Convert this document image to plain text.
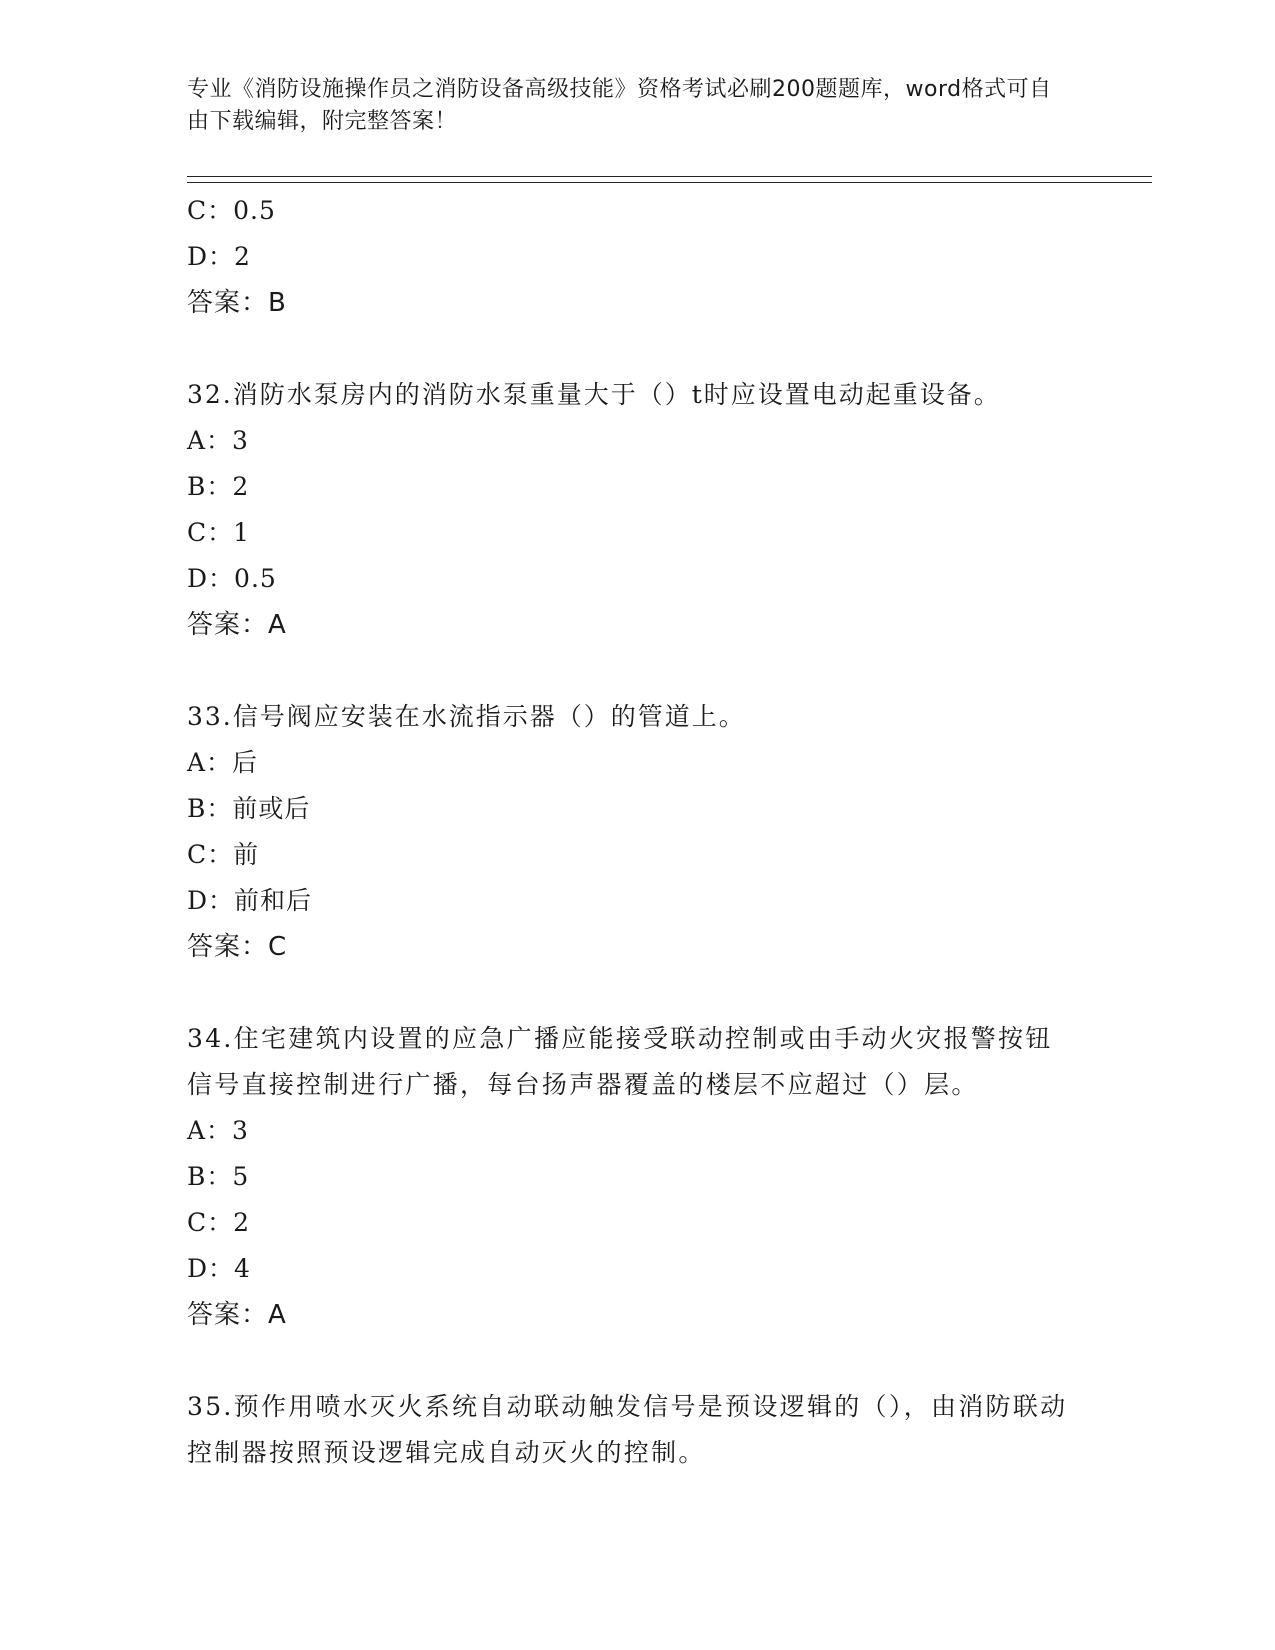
专业《消防设施操作员之消防设备高级技能》资格考试必刷200题题库，word格式可自由下载编辑，附完整答案！
C：0.5
D：2
答案：B
32.消防水泵房内的消防水泵重量大于（）t时应设置电动起重设备。
A：3
B：2
C：1
D：0.5
答案：A
33.信号阀应安装在水流指示器（）的管道上。
A：后
B：前或后
C：前
D：前和后
答案：C
34.住宅建筑内设置的应急广播应能接受联动控制或由手动火灾报警按钮信号直接控制进行广播，每台扬声器覆盖的楼层不应超过（）层。
A：3
B：5
C：2
D：4
答案：A
35.预作用喷水灭火系统自动联动触发信号是预设逻辑的（），由消防联动控制器按照预设逻辑完成自动灭火的控制。
